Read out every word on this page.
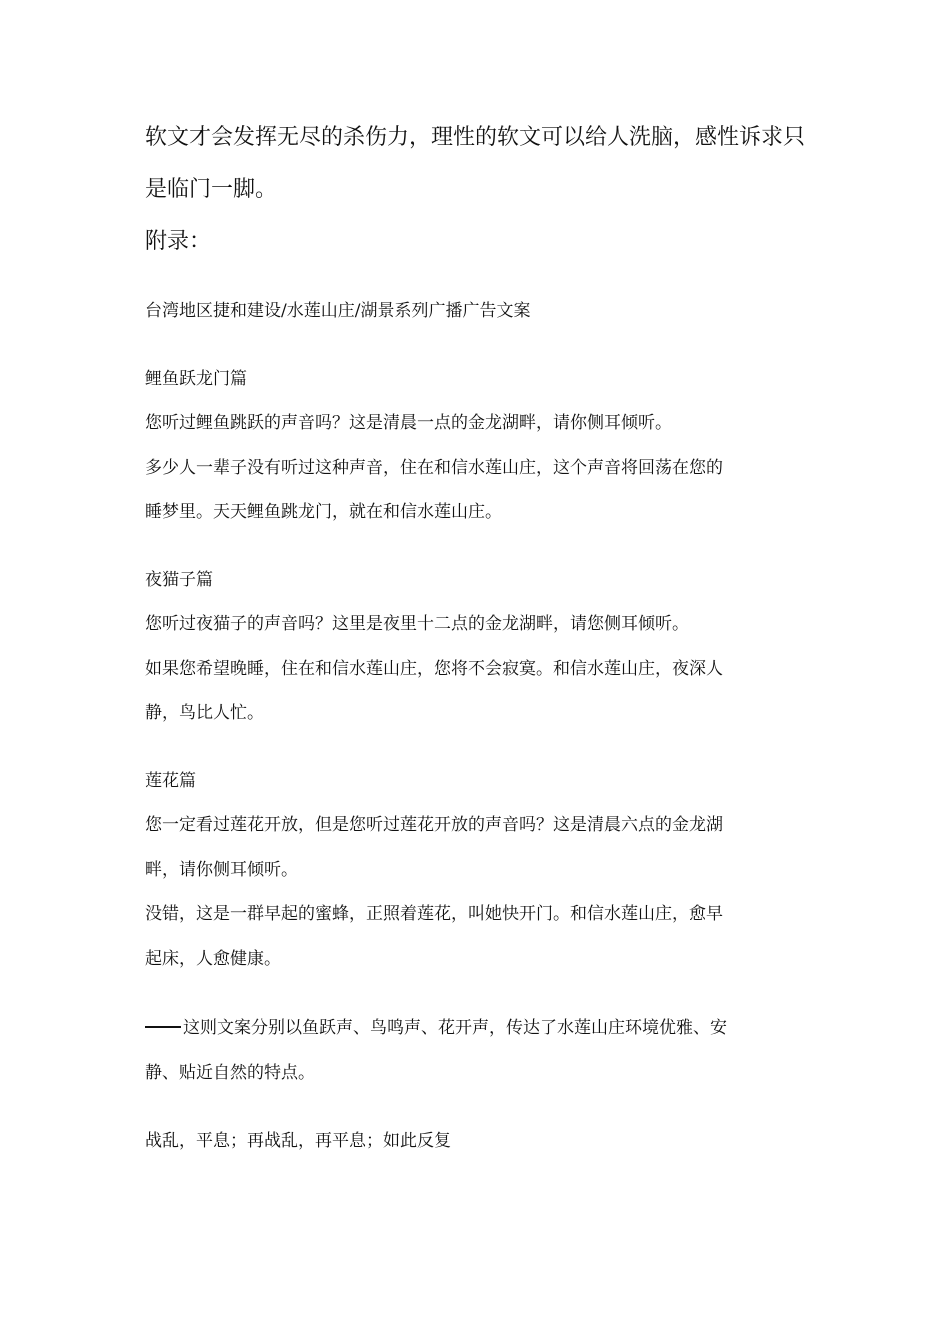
软文才会发挥无尽的杀伤力，理性的软文可以给人洗脑，感性诉求只
是临门一脚。
附录：
台湾地区捷和建设/水莲山庄/湖景系列广播广告文案
鲤鱼跃龙门篇
您听过鲤鱼跳跃的声音吗？这是清晨一点的金龙湖畔，请你侧耳倾听。
多少人一辈子没有听过这种声音，住在和信水莲山庄，这个声音将回荡在您的
睡梦里。天天鲤鱼跳龙门，就在和信水莲山庄。
夜猫子篇
您听过夜猫子的声音吗？这里是夜里十二点的金龙湖畔，请您侧耳倾听。
如果您希望晚睡，住在和信水莲山庄，您将不会寂寞。和信水莲山庄，夜深人
静，鸟比人忙。
莲花篇
您一定看过莲花开放，但是您听过莲花开放的声音吗？这是清晨六点的金龙湖
畔，请你侧耳倾听。
没错，这是一群早起的蜜蜂，正照着莲花，叫她快开门。和信水莲山庄，愈早
起床，人愈健康。
这则文案分别以鱼跃声、鸟鸣声、花开声，传达了水莲山庄环境优雅、安
静、贴近自然的特点。
战乱，平息；再战乱，再平息；如此反复
